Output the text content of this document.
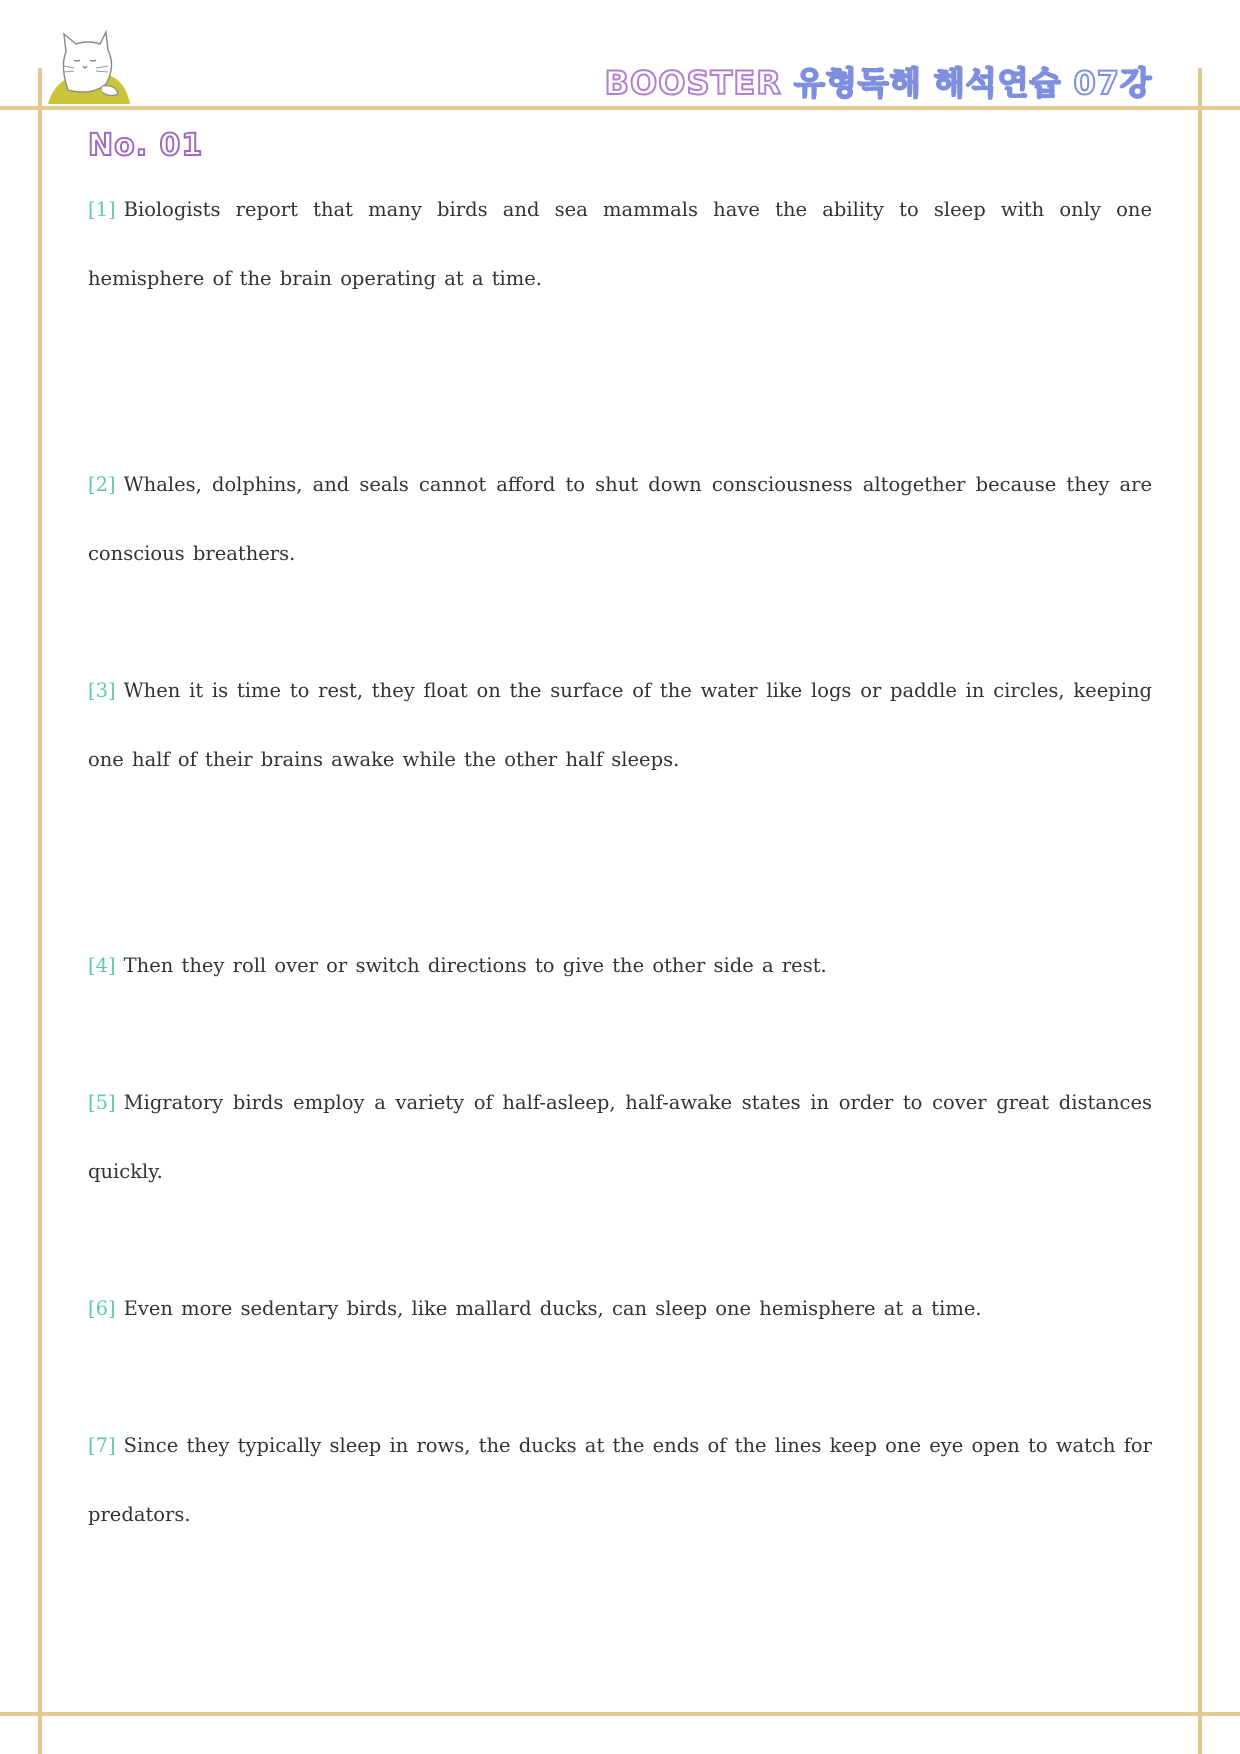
BOOSTER 유형독해 해석연습 07강
No. 01
[1] Biologists report that many birds and sea mammals have the ability to sleep with only one hemisphere of the brain operating at a time.
[2] Whales, dolphins, and seals cannot afford to shut down consciousness altogether because they are conscious breathers.
[3] When it is time to rest, they float on the surface of the water like logs or paddle in circles, keeping one half of their brains awake while the other half sleeps.
[4] Then they roll over or switch directions to give the other side a rest.
[5] Migratory birds employ a variety of half-asleep, half-awake states in order to cover great distances quickly.
[6] Even more sedentary birds, like mallard ducks, can sleep one hemisphere at a time.
[7] Since they typically sleep in rows, the ducks at the ends of the lines keep one eye open to watch for predators.
